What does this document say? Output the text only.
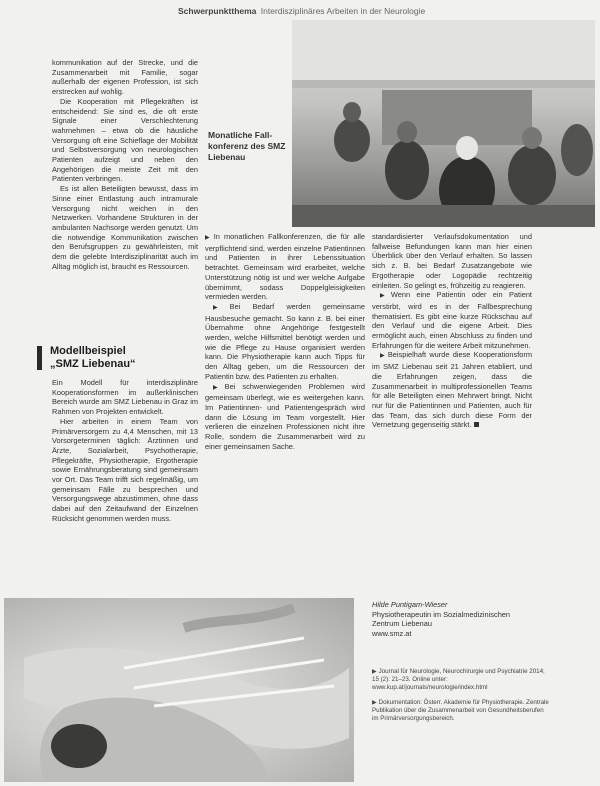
Schwerpunktthema Interdisziplinäres Arbeiten in der Neurologie
Monatliche Fall-konferenz des SMZ Liebenau

kommunikation auf der Strecke, und die Zusammenarbeit mit Familie, sogar außerhalb der eigenen Profession, ist sich erstrecken auf wohlig.

Die Kooperation mit Pflegekräften ist entscheidend: Sie sind es, die oft erste Signale einer Verschlechterung wahrnehmen – etwa ob die häusliche Versorgung oft eine Schieflage der Mobilität und Selbstversorgung von neurologischen Patienten aufzeigt und neben den Angehörigen die meiste Zeit mit den Patienten verbringen.

Es ist allen Beteiligten bewusst, dass im Sinne einer Entlastung auch intramurale Versorgung nicht weichen in den Netzwerken. Vorhandene Strukturen in der ambulanten Nachsorge werden genutzt. Um die notwendige Kommunikation zwischen den Berufsgruppen zu gewährleisten, mit dem die gelebte Interdisziplinarität auch im Alltag möglich ist, braucht es Ressourcen.

Modellbeispiel
„SMZ Liebenau“

Ein Modell für interdisziplinäre Kooperationsformen im außerklinischen Bereich wurde am SMZ Liebenau in Graz im Rahmen von Projekten entwickelt.

Hier arbeiten in einem Team von Primärversorgern zu 4,4 Menschen, mit 13 Vorsorgeterminen täglich: Ärztinnen und Ärzte, Sozialarbeit, Psychotherapie, Pflegekräfte, Physiotherapie, Ergotherapie sowie Ernährungsberatung sind gemeinsam vor Ort. Das Team trifft sich regelmäßig, um gemeinsam Fälle zu besprechen und Versorgungswege abzustimmen, ohne dass dabei auf den Zeitaufwand der Einzelnen Rücksicht genommen werden muss.

▶ In monatlichen Fallkonferenzen, die für alle verpflichtend sind, werden einzelne Patientinnen und Patienten in ihrer Lebenssituation betrachtet. Gemeinsam wird erarbeitet, welche Unterstützung nötig ist und wer welche Aufgabe übernimmt, sodass Doppelgleisigkeiten vermieden werden.

▶ Bei Bedarf werden gemeinsame Hausbesuche gemacht. So kann z. B. bei einer Übernahme ohne Angehörige festgestellt werden, welche Hilfsmittel benötigt werden und wie die Pflege zu Hause organisiert werden kann. Die Physiotherapie kann auch Tipps für den Alltag geben, um die Ressourcen der Patientin bzw. des Patienten zu erhalten.

▶ Bei schwerwiegenden Problemen wird gemeinsam überlegt, wie es weitergehen kann. Im Patientinnen- und Patientengespräch wird dann die Lösung im Team vorgestellt. Hier verlieren die einzelnen Professionen nicht ihre Rolle, sondern die Zusammenarbeit wird zu einer gemeinsamen Sache.

standardisierter Verlaufsdokumentation und fallweise Befundungen kann man hier einen Überblick über den Verlauf erhalten. So lassen sich z. B. bei Bedarf Zusatzangebote wie Ergotherapie oder Logopädie rechtzeitig einleiten. So gelingt es, frühzeitig zu reagieren.

▶ Wenn eine Patientin oder ein Patient verstirbt, wird es in der Fallbesprechung thematisiert. Es gibt eine kurze Rückschau auf den Verlauf und die eigene Arbeit. Dies ermöglicht auch, einen Abschluss zu finden und Erfahrungen für die weitere Arbeit mitzunehmen.

▶ Beispielhaft wurde diese Kooperationsform im SMZ Liebenau seit 21 Jahren etabliert, und die Erfahrungen zeigen, dass die Zusammenarbeit in multiprofessionellen Teams für alle Beteiligten einen Mehrwert bringt. Nicht nur für die Patientinnen und Patienten, auch für das Team, das sich durch diese Form der Vernetzung gegenseitig stärkt.

Hilde Puntigam-Wieser
Physiotherapeutin im Sozialmedizinischen Zentrum Liebenau
www.smz.at

▶ Journal für Neurologie, Neurochirurgie und Psychiatrie 2014; 15 (2): 21–23. Online unter: www.kup.at/journals/neurologie/index.html

▶ Dokumentation: Österr. Akademie für Physiotherapie. Zentrale Publikation über die Zusammenarbeit von Gesundheitsberufen im Primärversorgungsbereich.
